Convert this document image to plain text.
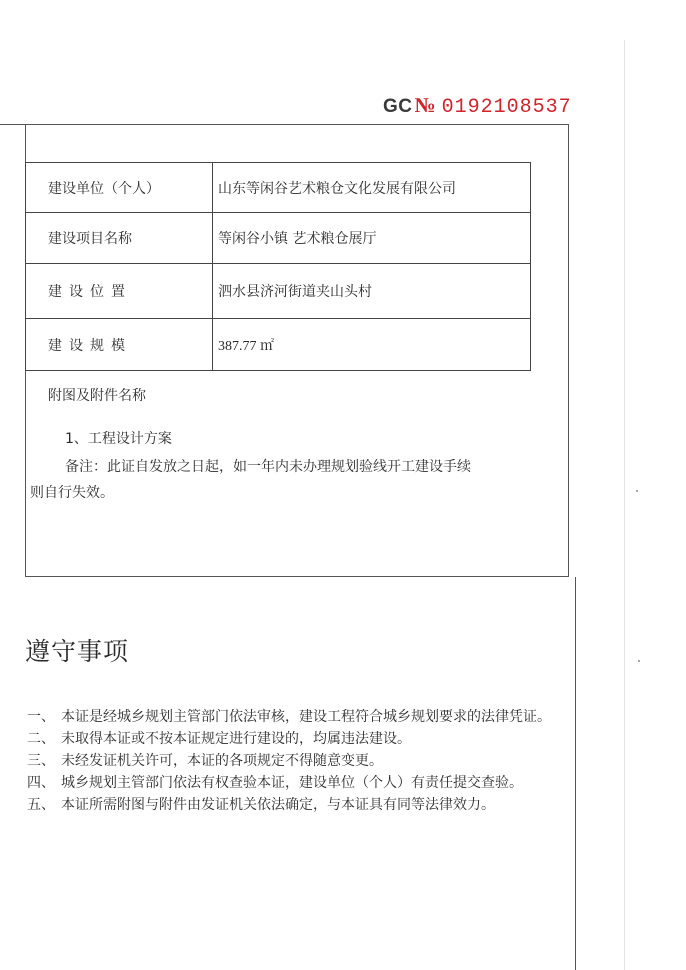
GC№ 0192108537
建设单位（个人）	山东等闲谷艺术粮仓文化发展有限公司
建设项目名称	等闲谷小镇 艺术粮仓展厅
建设位置	泗水县济河街道夹山头村
建设规模	387.77 ㎡
附图及附件名称
1、工程设计方案
备注：此证自发放之日起，如一年内未办理规划验线开工建设手续
则自行失效。
遵守事项
一、 本证是经城乡规划主管部门依法审核，建设工程符合城乡规划要求的法律凭证。
二、 未取得本证或不按本证规定进行建设的，均属违法建设。
三、 未经发证机关许可，本证的各项规定不得随意变更。
四、 城乡规划主管部门依法有权查验本证，建设单位（个人）有责任提交查验。
五、 本证所需附图与附件由发证机关依法确定，与本证具有同等法律效力。
